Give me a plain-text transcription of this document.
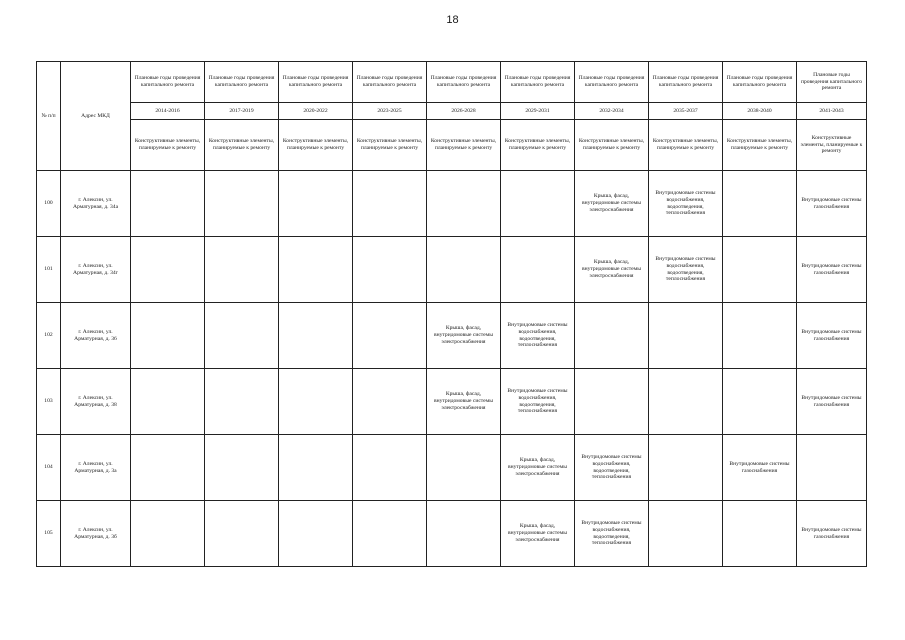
18
№ п/п	Адрес МКД	Плановые годы проведения капитального ремонта	Плановые годы проведения капитального ремонта	Плановые годы проведения капитального ремонта	Плановые годы проведения капитального ремонта	Плановые годы проведения капитального ремонта	Плановые годы проведения капитального ремонта	Плановые годы проведения капитального ремонта	Плановые годы проведения капитального ремонта	Плановые годы проведения капитального ремонта	Плановые годы проведения капитального ремонта
		2014-2016	2017-2019	2020-2022	2023-2025	2026-2028	2029-2031	2032-2034	2035-2037	2038-2040	2041-2043
		Конструктивные элементы, планируемые к ремонту	Конструктивные элементы, планируемые к ремонту	Конструктивные элементы, планируемые к ремонту	Конструктивные элементы, планируемые к ремонту	Конструктивные элементы, планируемые к ремонту	Конструктивные элементы, планируемые к ремонту	Конструктивные элементы, планируемые к ремонту	Конструктивные элементы, планируемые к ремонту	Конструктивные элементы, планируемые к ремонту	Конструктивные элементы, планируемые к ремонту
100	г. Алексин, ул. Арматурная, д. 34а							Крыша, фасад, внутридомовые системы электроснабжения	Внутридомовые системы водоснабжения, водоотведения, теплоснабжения		Внутридомовые системы газоснабжения
101	г. Алексин, ул. Арматурная, д. 34г							Крыша, фасад, внутридомовые системы электроснабжения	Внутридомовые системы водоснабжения, водоотведения, теплоснабжения		Внутридомовые системы газоснабжения
102	г. Алексин, ул. Арматурная, д. 36					Крыша, фасад, внутридомовые системы электроснабжения	Внутридомовые системы водоснабжения, водоотведения, теплоснабжения				Внутридомовые системы газоснабжения
103	г. Алексин, ул. Арматурная, д. 38					Крыша, фасад, внутридомовые системы электроснабжения	Внутридомовые системы водоснабжения, водоотведения, теплоснабжения				Внутридомовые системы газоснабжения
104	г. Алексин, ул. Арматурная, д. 3а						Крыша, фасад, внутридомовые системы электроснабжения	Внутридомовые системы водоснабжения, водоотведения, теплоснабжения		Внутридомовые системы газоснабжения	
105	г. Алексин, ул. Арматурная, д. 3б						Крыша, фасад, внутридомовые системы электроснабжения	Внутридомовые системы водоснабжения, водоотведения, теплоснабжения			Внутридомовые системы газоснабжения
